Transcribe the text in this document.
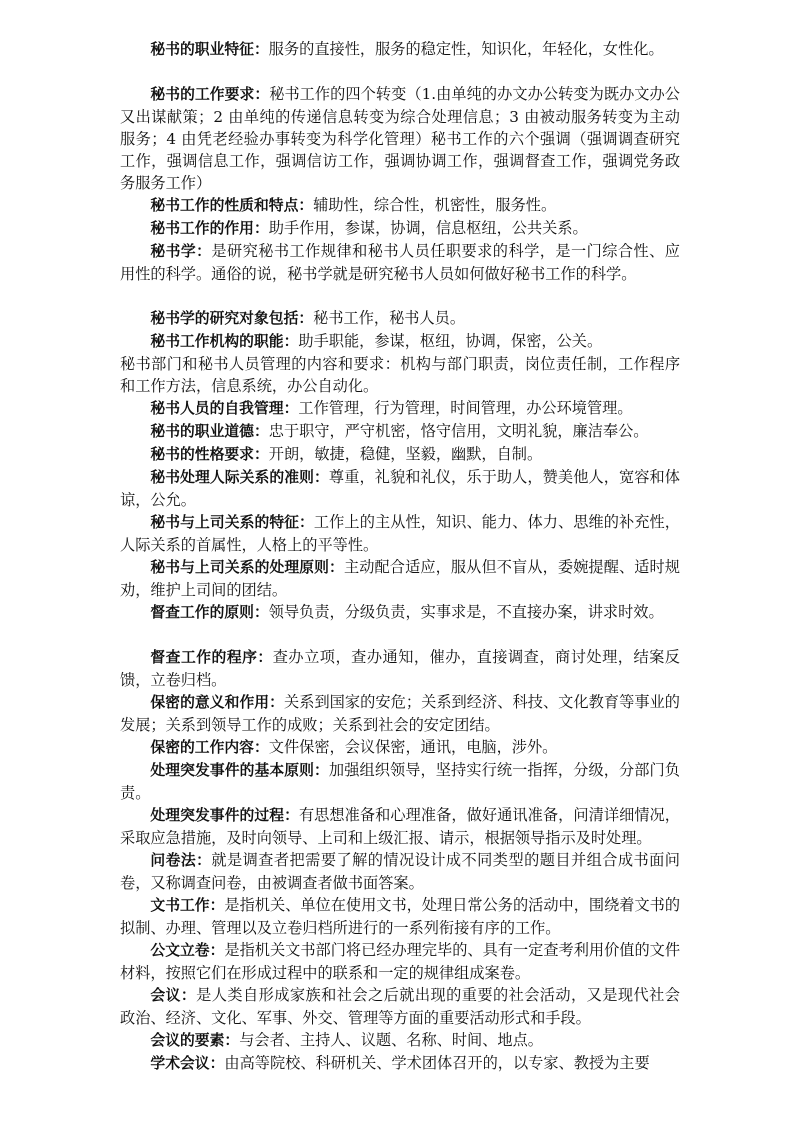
秘书的职业特征：服务的直接性，服务的稳定性，知识化，年轻化，女性化。

秘书的工作要求：秘书工作的四个转变（1.由单纯的办文办公转变为既办文办公又出谋献策；2 由单纯的传递信息转变为综合处理信息；3 由被动服务转变为主动服务；4 由凭老经验办事转变为科学化管理）秘书工作的六个强调（强调调查研究工作，强调信息工作，强调信访工作，强调协调工作，强调督查工作，强调党务政务服务工作）

秘书工作的性质和特点：辅助性，综合性，机密性，服务性。

秘书工作的作用：助手作用，参谋，协调，信息枢纽，公共关系。

秘书学：是研究秘书工作规律和秘书人员任职要求的科学，是一门综合性、应用性的科学。通俗的说，秘书学就是研究秘书人员如何做好秘书工作的科学。

秘书学的研究对象包括：秘书工作，秘书人员。

秘书工作机构的职能：助手职能，参谋，枢纽，协调，保密，公关。

秘书部门和秘书人员管理的内容和要求：机构与部门职责，岗位责任制，工作程序和工作方法，信息系统，办公自动化。

秘书人员的自我管理：工作管理，行为管理，时间管理，办公环境管理。

秘书的职业道德：忠于职守，严守机密，恪守信用，文明礼貌，廉洁奉公。

秘书的性格要求：开朗，敏捷，稳健，坚毅，幽默，自制。

秘书处理人际关系的准则：尊重，礼貌和礼仪，乐于助人，赞美他人，宽容和体谅，公允。

秘书与上司关系的特征：工作上的主从性，知识、能力、体力、思维的补充性，人际关系的首属性，人格上的平等性。

秘书与上司关系的处理原则：主动配合适应，服从但不盲从，委婉提醒、适时规劝，维护上司间的团结。

督查工作的原则：领导负责，分级负责，实事求是，不直接办案，讲求时效。

督查工作的程序：查办立项，查办通知，催办，直接调查，商讨处理，结案反馈，立卷归档。

保密的意义和作用：关系到国家的安危；关系到经济、科技、文化教育等事业的发展；关系到领导工作的成败；关系到社会的安定团结。

保密的工作内容：文件保密，会议保密，通讯，电脑，涉外。

处理突发事件的基本原则：加强组织领导，坚持实行统一指挥，分级，分部门负责。

处理突发事件的过程：有思想准备和心理准备，做好通讯准备，问清详细情况，采取应急措施，及时向领导、上司和上级汇报、请示，根据领导指示及时处理。

问卷法：就是调查者把需要了解的情况设计成不同类型的题目并组合成书面问卷，又称调查问卷，由被调查者做书面答案。

文书工作：是指机关、单位在使用文书，处理日常公务的活动中，围绕着文书的拟制、办理、管理以及立卷归档所进行的一系列衔接有序的工作。

公文立卷：是指机关文书部门将已经办理完毕的、具有一定查考利用价值的文件材料，按照它们在形成过程中的联系和一定的规律组成案卷。

会议：是人类自形成家族和社会之后就出现的重要的社会活动，又是现代社会政治、经济、文化、军事、外交、管理等方面的重要活动形式和手段。

会议的要素：与会者、主持人、议题、名称、时间、地点。

学术会议：由高等院校、科研机关、学术团体召开的，以专家、教授为主要
